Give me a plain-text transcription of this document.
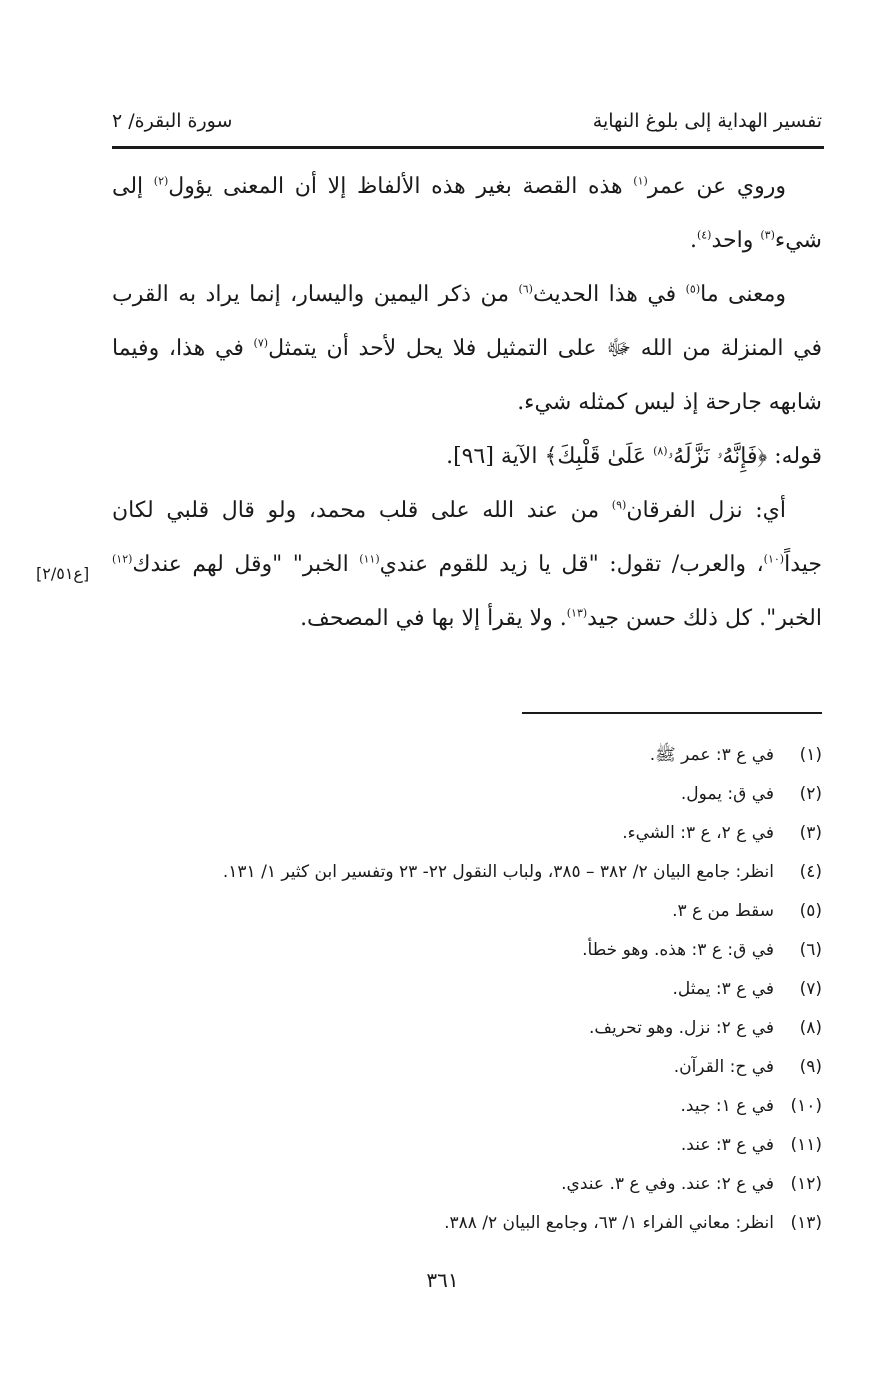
تفسير الهداية إلى بلوغ النهاية
سورة البقرة/ ٢

وروي عن عمر$^{(١)}$ هذه القصة بغير هذه الألفاظ إلا أن المعنى يؤول$^{(٢)}$ إلى شيء$^{(٣)}$ واحد$^{(٤)}$.

ومعنى ما$^{(٥)}$ في هذا الحديث$^{(٦)}$ من ذكر اليمين واليسار، إنما يراد به القرب في المنزلة من الله ﷻ على التمثيل فلا يحل لأحد أن يتمثل$^{(٧)}$ في هذا، وفيما شابهه جارحة إذ ليس كمثله شيء.

قوله: ﴿فَإِنَّهُۥ نَزَّلَهُۥ$^{(٨)}$ عَلَىٰ قَلْبِكَ﴾ الآية [٩٦].

أي: نزل الفرقان$^{(٩)}$ من عند الله على قلب محمد، ولو قال قلبي لكان جيداً$^{(١٠)}$، والعرب/ تقول: "قل يا زيد للقوم عندي$^{(١١)}$ الخبر" "وقل لهم عندك$^{(١٢)}$ الخبر". كل ذلك حسن جيد$^{(١٣)}$. ولا يقرأ إلا بها في المصحف.

[ع٢/٥١]
(١)
في ع ٣: عمر ﷺ.
(٢)
في ق: يمول.
(٣)
في ع ٢، ع ٣: الشيء.
(٤)
انظر: جامع البيان ٢/ ٣٨٢ – ٣٨٥، ولباب النقول ٢٢- ٢٣ وتفسير ابن كثير ١/ ١٣١.
(٥)
سقط من ع ٣.
(٦)
في ق: ع ٣: هذه. وهو خطأ.
(٧)
في ع ٣: يمثل.
(٨)
في ع ٢: نزل. وهو تحريف.
(٩)
في ح: القرآن.
(١٠)
في ع ١: جيد.
(١١)
في ع ٣: عند.
(١٢)
في ع ٢: عند. وفي ع ٣. عندي.
(١٣)
انظر: معاني الفراء ١/ ٦٣، وجامع البيان ٢/ ٣٨٨.
٣٦١
